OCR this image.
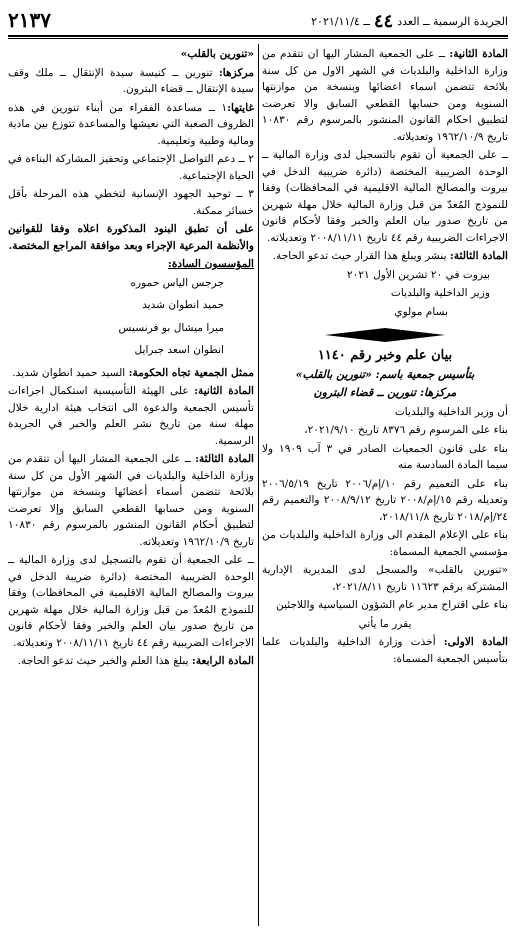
٢١٣٧	ــ ٢٠٢١/١١/٤ ٤٤ الجريدة الرسمية ــ العدد

المادة الثانية: ــ على الجمعية المشار اليها ان تتقدم من وزارة الداخلية والبلديات في الشهر الاول من كل سنة بلائحة تتضمن اسماء اعضائها وبنسخة من موازنتها السنوية ومن حسابها القطعي السابق والا تعرضت لتطبيق احكام القانون المنشور بالمرسوم رقم ١٠٨٣٠ تاريخ ١٩٦٢/١٠/٩ وتعديلاته.

ــ على الجمعية أن تقوم بالتسجيل لدى وزارة المالية ــ الوحدة الضريبية المختصة (دائرة ضريبية الدخل في بيروت والمصالح المالية الاقليمية في المحافظات) وفقا للنموذج المُعدّ من قبل وزارة المالية خلال مهلة شهرين من تاريخ صدور بيان العلم والخبر وفقا لأحكام قانون الاجراءات الضريبية رقم ٤٤ تاريخ ٢٠٠٨/١١/١١ وتعديلاته.

المادة الثالثة: ينشر ويبلغ هذا القرار حيث تدعو الحاجة.

بيروت في ٢٠ تشرين الأول ٢٠٢١

وزير الداخلية والبلديات

بسام مولوي

بيان علم وخبر رقم ١١٤٠

بتأسيس جمعية باسم: «تنورين بالقلب»

مركزها: تنورين ــ قضاء البترون

أن وزير الداخلية والبلديات

بناء على المرسوم رقم ٨٣٧٦ تاريخ ٢٠٢١/٩/١٠،

بناء على قانون الجمعيات الصادر في ٣ آب ١٩٠٩ ولا سيما المادة السادسة منه

بناء على التعميم رقم ١٠/إم/٢٠٠٦ تاريخ ٢٠٠٦/٥/١٩ وتعديله رقم ١٥/إم/٢٠٠٨ تاريخ ٢٠٠٨/٩/١٢ والتعميم رقم ٢٤/إم/٢٠١٨ تاريخ ٢٠١٨/١١/٨،

بناء على الإعلام المقدم الى وزارة الداخلية والبلديات من مؤسسي الجمعية المسماة:

«تنورين بالقلب» والمسجل لدى المديرية الإدارية المشتركة برقم ١١٦٢٣ تاريخ ٢٠٢١/٨/١١،

بناء على اقتراح مدير عام الشؤون السياسية واللاجئين

يقرر ما يأتي

المادة الاولى: أخذت وزارة الداخلية والبلديات علما بتأسيس الجمعية المسماة:

«تنورين بالقلب»

مركزها: تنورين ــ كنيسة سيدة الإنتقال ــ ملك وقف سيدة الإنتقال ــ قضاء البترون.

غايتها:١ ــ مساعدة الفقراء من أبناء تنورين في هذه الظروف الصعبة التي نعيشها والمساعدة تتوزع بين مادية ومالية وطبية وتعليمية.

٢ ــ دعم التواصل الإجتماعي وتحفيز المشاركة البناءة في الحياة الإجتماعية.

٣ ــ توحيد الجهود الإنسانية لتخطي هذه المرحلة بأقل خسائر ممكنة.

على أن تطبق البنود المذكورة اعلاه وفقا للقوانين والأنظمة المرعية الإجراء وبعد موافقة المراجع المختصة.

المؤسسون السادة:

جرجس الياس حموره

حميد انطوان شديد

ميرا ميشال بو فرنسيس

انطوان اسعد جبرايل

ممثل الجمعية تجاه الحكومة: السيد حميد انطوان شديد.

المادة الثانية: على الهيئة التأسيسية استكمال اجراءات تأسيس الجمعية والدعوة الى انتخاب هيئة ادارية خلال مهلة سنة من تاريخ نشر العلم والخبر في الجريدة الرسمية.

المادة الثالثة: ــ على الجمعية المشار اليها أن تتقدم من وزارة الداخلية والبلديات في الشهر الأول من كل سنة بلائحة تتضمن أسماء أعضائها وبنسخة من موازنتها السنوية ومن حسابها القطعي السابق وإلا تعرضت لتطبيق أحكام القانون المنشور بالمرسوم رقم ١٠٨٣٠ تاريخ ١٩٦٢/١٠/٩ وتعديلاته.

ــ على الجمعية أن تقوم بالتسجيل لدى وزارة المالية ــ الوحدة الضريبية المختصة (دائرة ضريبة الدخل في بيروت والمصالح المالية الاقليمية في المحافظات) وفقا للنموذج المُعدّ من قبل وزارة المالية خلال مهلة شهرين من تاريخ صدور بيان العلم والخبر وفقا لأحكام قانون الاجراءات الضريبية رقم ٤٤ تاريخ ٢٠٠٨/١١/١١ وتعديلاته.

المادة الرابعة: يبلغ هذا العلم والخبر حيث تدعو الحاجة.
